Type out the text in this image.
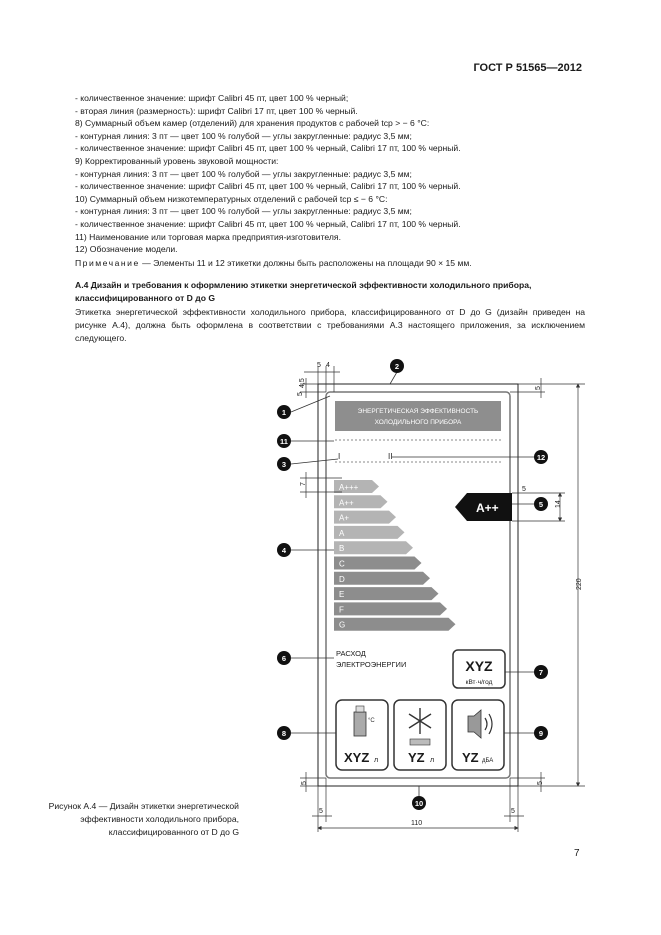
ГОСТ Р 51565—2012
- количественное значение: шрифт Calibri 45 пт, цвет 100 % черный;
- вторая линия (размерность): шрифт Calibri 17 пт, цвет 100 % черный.
8) Суммарный объем камер (отделений) для хранения продуктов с рабочей tср > − 6 °C:
- контурная линия: 3 пт — цвет 100 % голубой — углы закругленные: радиус 3,5 мм;
- количественное значение: шрифт Calibri 45 пт, цвет 100 % черный, Calibri 17 пт, 100 % черный.
9) Корректированный уровень звуковой мощности:
- контурная линия: 3 пт — цвет 100 % голубой — углы закругленные: радиус 3,5 мм;
- количественное значение: шрифт Calibri 45 пт, цвет 100 % черный, Calibri 17 пт, 100 % черный.
10) Суммарный объем низкотемпературных отделений с рабочей tср ≤ − 6 °C:
- контурная линия: 3 пт — цвет 100 % голубой — углы закругленные: радиус 3,5 мм;
- количественное значение: шрифт Calibri 45 пт, цвет 100 % черный, Calibri 17 пт, 100 % черный.
11) Наименование или торговая марка предприятия-изготовителя.
12) Обозначение модели.
Примечание — Элементы 11 и 12 этикетки должны быть расположены на площади 90 × 15 мм.
А.4 Дизайн и требования к оформлению этикетки энергетической эффективности холодильного прибора, классифицированного от D до G
Этикетка энергетической эффективности холодильного прибора, классифицированного от D до G (дизайн приведен на рисунке А.4), должна быть оформлена в соответствии с требованиями А.3 настоящего приложения, за исключением следующего.
ЭНЕРГЕТИЧЕСКАЯ ЭФФЕКТИВНОСТЬ
ХОЛОДИЛЬНОГО ПРИБОРА
I	II
A+++
A++
A+
A
B
C
D
E
F
G
A++
РАСХОД
ЭЛЕКТРОЭНЕРГИИ	XYZ
кВт·ч/год
°C
XYZ л YZ л YZ дБА
5 4
4,5
5
5
220
14
5
7
5	5
5	5
110
1
2
3
4
5
6
7
8	9
10
11
12
Рисунок А.4 — Дизайн этикетки энергетической эффективности холодильного прибора, классифицированного от D до G
7
